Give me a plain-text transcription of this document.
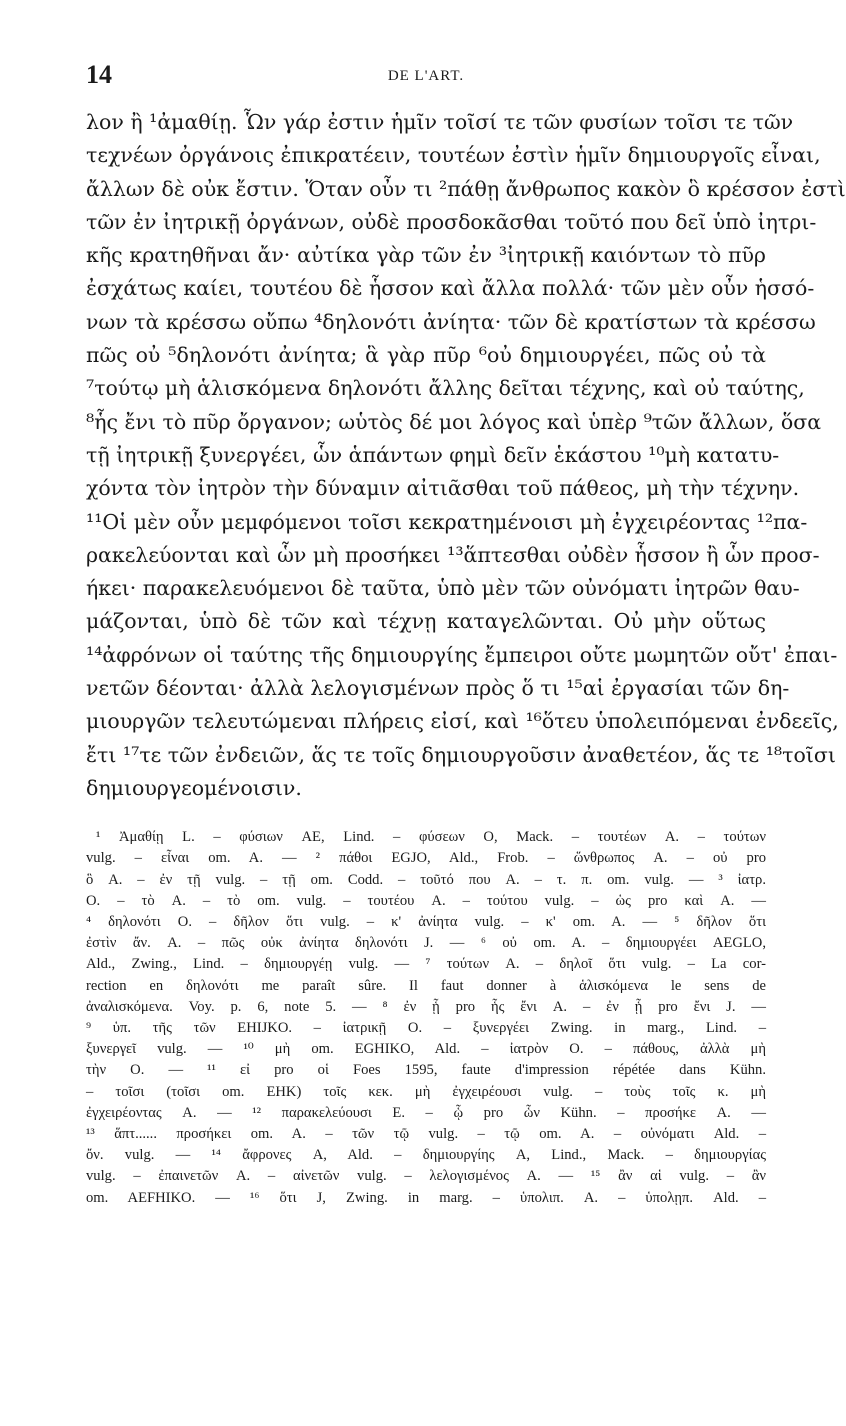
14	DE L'ART.
λον ἢ ¹ἀμαθίῃ. Ὧν γάρ ἐστιν ἡμῖν τοῖσί τε τῶν φυσίων τοῖσι τε τῶν
τεχνέων ὀργάνοις ἐπικρατέειν, τουτέων ἐστὶν ἡμῖν δημιουργοῖς εἶναι,
ἄλλων δὲ οὐκ ἔστιν. Ὅταν οὖν τι ²πάθῃ ἄνθρωπος κακὸν ὃ κρέσσον ἐστὶ
τῶν ἐν ἰητρικῇ ὀργάνων, οὐδὲ προσδοκᾶσθαι τοῦτό που δεῖ ὑπὸ ἰητρι-
κῆς κρατηθῆναι ἄν· αὐτίκα γὰρ τῶν ἐν ³ἰητρικῇ καιόντων τὸ πῦρ
ἐσχάτως καίει, τουτέου δὲ ἧσσον καὶ ἄλλα πολλά· τῶν μὲν οὖν ἡσσό-
νων τὰ κρέσσω οὔπω ⁴δηλονότι ἀνίητα· τῶν δὲ κρατίστων τὰ κρέσσω
πῶς οὐ ⁵δηλονότι ἀνίητα; ἃ γὰρ πῦρ ⁶οὐ δημιουργέει, πῶς οὐ τὰ
⁷τούτῳ μὴ ἁλισκόμενα δηλονότι ἄλλης δεῖται τέχνης, καὶ οὐ ταύτης,
⁸ἧς ἔνι τὸ πῦρ ὄργανον; ωὑτὸς δέ μοι λόγος καὶ ὑπὲρ ⁹τῶν ἄλλων, ὅσα
τῇ ἰητρικῇ ξυνεργέει, ὧν ἁπάντων φημὶ δεῖν ἑκάστου ¹⁰μὴ κατατυ-
χόντα τὸν ἰητρὸν τὴν δύναμιν αἰτιᾶσθαι τοῦ πάθεος, μὴ τὴν τέχνην.
¹¹Οἱ μὲν οὖν μεμφόμενοι τοῖσι κεκρατημένοισι μὴ ἐγχειρέοντας ¹²πα-
ρακελεύονται καὶ ὧν μὴ προσήκει ¹³ἅπτεσθαι οὐδὲν ἧσσον ἢ ὧν προσ-
ήκει· παρακελευόμενοι δὲ ταῦτα, ὑπὸ μὲν τῶν οὐνόματι ἰητρῶν θαυ-
μάζονται, ὑπὸ δὲ τῶν καὶ τέχνῃ καταγελῶνται. Οὐ μὴν οὕτως
¹⁴ἀφρόνων οἱ ταύτης τῆς δημιουργίης ἔμπειροι οὔτε μωμητῶν οὔτ' ἐπαι-
νετῶν δέονται· ἀλλὰ λελογισμένων πρὸς ὅ τι ¹⁵αἱ ἐργασίαι τῶν δη-
μιουργῶν τελευτώμεναι πλήρεις εἰσί, καὶ ¹⁶ὅτευ ὑπολειπόμεναι ἐνδεεῖς,
ἔτι ¹⁷τε τῶν ἐνδειῶν, ἅς τε τοῖς δημιουργοῦσιν ἀναθετέον, ἅς τε ¹⁸τοῖσι
δημιουργεομένοισιν.
¹ Ἀμαθίῃ L. – φύσιων AE, Lind. – φύσεων O, Mack. – τουτέων A. – τούτων
vulg. – εἶναι om. A. — ² πάθοι EGJO, Ald., Frob. – ὥνθρωπος A. – οὐ pro
ὃ A. – ἐν τῇ vulg. – τῇ om. Codd. – τοῦτό που A. – τ. π. om. vulg. — ³ ἰατρ.
O. – τὸ A. – τὸ om. vulg. – τουτέου A. – τούτου vulg. – ὡς pro καὶ A. —
⁴ δηλονότι O. – δῆλον ὅτι vulg. – κ' ἀνίητα vulg. – κ' om. A. — ⁵ δῆλον ὅτι
ἐστὶν ἄν. A. – πῶς οὐκ ἀνίητα δηλονότι J. — ⁶ οὐ om. A. – δημιουργέει AEGLO,
Ald., Zwing., Lind. – δημιουργέῃ vulg. — ⁷ τούτων A. – δηλοῖ ὅτι vulg. – La cor-
rection en δηλονότι me paraît sûre. Il faut donner à ἁλισκόμενα le sens de
ἀναλισκόμενα. Voy. p. 6, note 5. — ⁸ ἐν ᾗ pro ἧς ἔνι A. – ἐν ᾗ pro ἔνι J. —
⁹ ὑπ. τῆς τῶν EHIJKO. – ἰατρικῇ O. – ξυνεργέει Zwing. in marg., Lind. –
ξυνεργεῖ vulg. — ¹⁰ μὴ om. EGHIKO, Ald. – ἰατρὸν O. – πάθους, ἀλλὰ μὴ
τὴν O. — ¹¹ εἰ pro οἱ Foes 1595, faute d'impression répétée dans Kühn.
– τοῖσι (τοῖσι om. EHK) τοῖς κεκ. μὴ ἐγχειρέουσι vulg. – τοὺς τοῖς κ. μὴ
ἐγχειρέοντας A. — ¹² παρακελεύουσι E. – ᾧ pro ὧν Kühn. – προσήκε A. —
¹³ ἅπτ...... προσήκει om. A. – τῶν τῷ vulg. – τῷ om. A. – οὐνόματι Ald. –
ὄν. vulg. — ¹⁴ ἄφρονες A, Ald. – δημιουργίης A, Lind., Mack. – δημιουργίας
vulg. – ἐπαινετῶν A. – αἰνετῶν vulg. – λελογισμένος A. — ¹⁵ ἂν αἱ vulg. – ἂν
om. AEFHIKO. — ¹⁶ ὅτι J, Zwing. in marg. – ὑπολιπ. A. – ὑπολῃπ. Ald. –
